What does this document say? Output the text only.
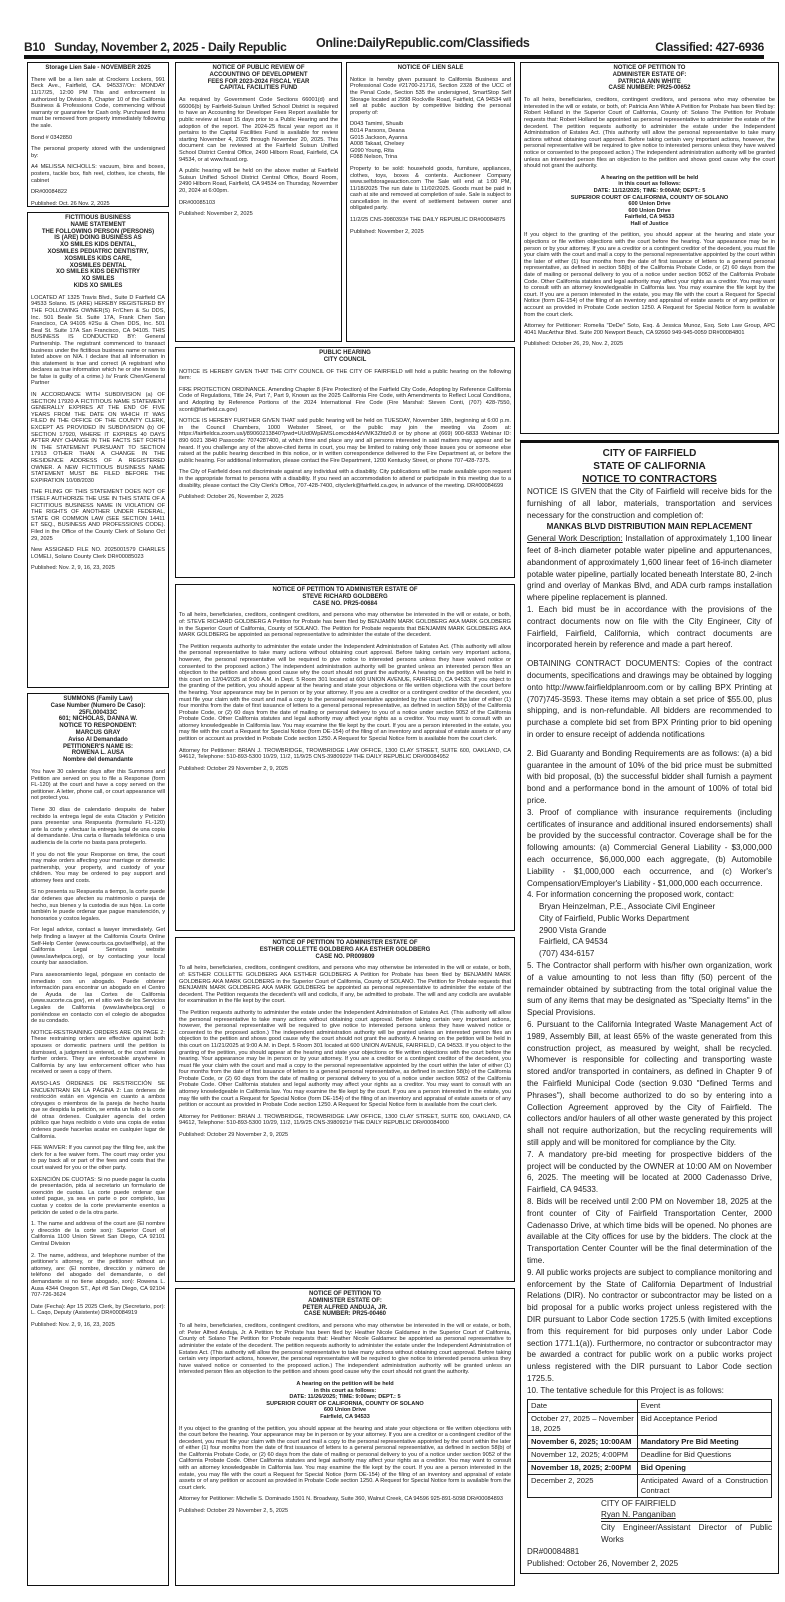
B10 Sunday, November 2, 2025 - Daily Republic Online:DailyRepublic.com/Classifieds	Classified: 427-6936
Storage Lien Sale - NOVEMBER 2025

There will be a lien sale at Crockers Lockers, 991 Beck Ave., Fairfield, CA. 945337/On: MONDAY 11/17/25, 12:00 PM This and enforcement is authorized by Division 8, Chapter 10 of the California Business & Professions Code, commencing without warranty or guarantee for Cash only. Purchased items must be removed from property immediately following the sale.

Bond # 0342850

The personal property stored with the undersigned by:

A4 MELISSA NICHOLLS: vacuum, bins and boxes, posters, tackle box, fish reel, clothes, ice chests, file cabinet

DR#00084822

Published: Oct. 26 Nov. 2, 2025

FICTITIOUS BUSINESS
NAME STATEMENT
THE FOLLOWING PERSON (PERSONS)
IS (ARE) DOING BUSINESS AS
XO SMILES KIDS DENTAL,
XOSMILES PEDIATRIC DENTISTRY,
XOSMILES KIDS CARE,
XOSMILES DENTAL
XO SMILES KIDS DENTISTRY
XO SMILES
KIDS XO SMILES

LOCATED AT 1325 Travis Blvd., Suite D Fairfield CA 94533 Solano. IS (ARE) HEREBY REGISTERED BY THE FOLLOWING OWNER(S) Fr/Chen & Su DDS, Inc. 501 Beale St. Suite 17A, Frank Chen San Francisco, CA 94105 #2Su & Chen DDS, Inc. 501 Beal St. Suite 17A San Francisco, CA 94105. THIS BUSINESS IS CONDUCTED BY: General Partnership. The registrant commenced to transact business under the fictitious business name or names listed above on N/A. I declare that all information in this statement is true and correct (A registrant who declares as true information which he or she knows to be false is guilty of a crime.) /s/ Frank Chen/General Partner

IN ACCORDANCE WITH SUBDIVISION (a) OF SECTION 17920 A FICTITIOUS NAME STATEMENT GENERALLY EXPIRES AT THE END OF FIVE YEARS FROM THE DATE ON WHICH IT WAS FILED IN THE OFFICE OF THE COUNTY CLERK, EXCEPT AS PROVIDED IN SUBDIVISION (b) OF SECTION 17920, WHERE IT EXPIRES 40 DAYS AFTER ANY CHANGE IN THE FACTS SET FORTH IN THE STATEMENT PURSUANT TO SECTION 17913 OTHER THAN A CHANGE IN THE RESIDENCE ADDRESS OF A REGISTERED OWNER. A NEW FICTITIOUS BUSINESS NAME STATEMENT MUST BE FILED BEFORE THE EXPIRATION 10/08/2030

THE FILING OF THIS STATEMENT DOES NOT OF ITSELF AUTHORIZE THE USE IN THIS STATE OF A FICTITIOUS BUSINESS NAME IN VIOLATION OF THE RIGHTS OF ANOTHER UNDER FEDERAL, STATE OR COMMON LAW (SEE SECTION 14411 ET SEQ., BUSINESS AND PROFESSIONS CODE). Filed in the Office of the County Clerk of Solano Oct 29, 2025

New ASSIGNED FILE NO. 2025001579 CHARLES LOMELI, Solano County Clerk DR#00085023

Published: Nov. 2, 9, 16, 23, 2025

SUMMONS (Family Law)
Case Number (Numero De Caso):
25FL000433C
601; NICHOLAS, DANNA W.
NOTICE TO RESPONDENT:
MARCUS GRAY
Aviso Al Demandado
PETITIONER'S NAME IS:
ROWENA L. AUSA
Nombre del demandante

You have 30 calendar days after this Summons and Petition are served on you to file a Response (form FL-120) at the court and have a copy served on the petitioner. A letter, phone call, or court appearance will not protect you.

Tiene 30 días de calendario después de haber recibido la entrega legal de esta Citación y Petición para presentar una Respuesta (formulario FL-120) ante la corte y efectuar la entrega legal de una copia al demandante. Una carta o llamada telefónica o una audiencia de la corte no basta para protegerlo.

If you do not file your Response on time, the court may make orders affecting your marriage or domestic partnership, your property, and custody of your children. You may be ordered to pay support and attorney fees and costs.

Si no presenta su Respuesta a tiempo, la corte puede dar órdenes que afecten su matrimonio o pareja de hecho, sus bienes y la custodia de sus hijos. La corte también le puede ordenar que pague manutención, y honorarios y costos legales.

For legal advice, contact a lawyer immediately. Get help finding a lawyer at the California Courts Online Self-Help Center (www.courts.ca.gov/selfhelp), at the California Legal Services website (www.lawhelpca.org), or by contacting your local county bar association.

Para asesoramiento legal, póngase en contacto de inmediato con un abogado. Puede obtener información para encontrar un abogado en el Centro de Ayuda de las Cortes de California (www.sucorte.ca.gov), en el sitio web de los Servicios Legales de California (www.lawhelpca.org) o poniéndose en contacto con el colegio de abogados de su condado.

NOTICE-RESTRAINING ORDERS ARE ON PAGE 2: These restraining orders are effective against both spouses or domestic partners until the petition is dismissed, a judgment is entered, or the court makes further orders. They are enforceable anywhere in California by any law enforcement officer who has received or seen a copy of them.

AVISO-LAS ÓRDENES DE RESTRICCIÓN SE ENCUENTRAN EN LA PÁGINA 2: Las órdenes de restricción están en vigencia en cuanto a ambos cónyuges o miembros de la pareja de hecho hasta que se despida la petición, se emita un fallo o la corte dé otras órdenes. Cualquier agencia del orden público que haya recibido o visto una copia de estas órdenes puede hacerlas acatar en cualquier lugar de California.

FEE WAIVER: If you cannot pay the filing fee, ask the clerk for a fee waiver form. The court may order you to pay back all or part of the fees and costs that the court waived for you or the other party.

EXENCIÓN DE CUOTAS: Si no puede pagar la cuota de presentación, pida al secretario un formulario de exención de cuotas. La corte puede ordenar que usted pague, ya sea en parte o por completo, las cuotas y costos de la corte previamente exentos a petición de usted o de la otra parte.

1. The name and address of the court are (El nombre y dirección de la corte son): Superior Court of California 1100 Union Street San Diego, CA 92101 Central Division

2. The name, address, and telephone number of the petitioner's attorney, or the petitioner without an attorney, are: (El nombre, dirección y número de teléfono del abogado del demandante, o del demandante si no tiene abogado, son): Rowena L. Ausa 4344 Oregon ST., Apt #8 San Diego, CA 92104 707-726-3624

Date (Fecha): Apr 15 2025 Clerk, by (Secretario, por): L. Caqo, Deputy (Asistente) DR#00084919

Published: Nov. 2, 9, 16, 23, 2025

NOTICE OF PUBLIC REVIEW OF
ACCOUNTING OF DEVELOPMENT
FEES FOR 2023-2024 FISCAL YEAR
CAPITAL FACILITIES FUND

As required by Government Code Sections 66001(d) and 66006(b) by Fairfield-Suisun Unified School District is required to have an Accounting for Developer Fees Report available for public review at least 15 days prior to a Public Hearing and the adoption of the report. The 2024-25 fiscal year report as it pertains to the Capital Facilities Fund is available for review starting November 4, 2025 through November 20, 2025. This document can be reviewed at the Fairfield Suisun Unified School District Central Office, 2490 Hilborn Road, Fairfield, CA 94534, or at www.fsusd.org.

A public hearing will be held on the above matter at Fairfield Suisun Unified School District Central Office, Board Room, 2490 Hilborn Road, Fairfield, CA 94534 on Thursday, November 20, 2024 at 6:00pm.

DR#00085103

Published: November 2, 2025

NOTICE OF LIEN SALE

Notice is hereby given pursuant to California Business and Professional Code #21700-21716, Section 2328 of the UCC of the Penal Code, Section 535 the undersigned, SmartStop Self Storage located at 2998 Rockville Road, Fairfield, CA 94534 will sell at public auction by competitive bidding the personal property of:

D043 Tamimi, Shuaib
B014 Parsons, Deana
G015 Jackson, Ayanna
A008 Takaat, Chelsey
G090 Young, Rita
F088 Nelson, Trina

Property to be sold: household goods, furniture, appliances, clothes, toys, boxes & contents. Auctioneer Company www.selfstorageauction.com The Sale will end at 1:00 PM, 11/18/2025 The run date is 11/02/2025. Goods must be paid in cash at site and removed at completion of sale. Sale is subject to cancellation in the event of settlement between owner and obligated party.

11/2/25 CNS-3980393# THE DAILY REPUBLIC DR#00084875

Published: November 2, 2025

PUBLIC HEARING
CITY COUNCIL

NOTICE IS HEREBY GIVEN THAT THE CITY COUNCIL OF THE CITY OF FAIRFIELD will hold a public hearing on the following item:

FIRE PROTECTION ORDINANCE. Amending Chapter 8 (Fire Protection) of the Fairfield City Code, Adopting by Reference California Code of Regulations, Title 24, Part 7, Part 9, Known as the 2025 California Fire Code, with Amendments to Reflect Local Conditions, and Adopting by Reference Portions of the 2024 International Fire Code (Fire Marshal: Steven Conti, (707) 428-7550, sconti@fairfield.ca.gov)

NOTICE IS HEREBY FURTHER GIVEN THAT said public hearing will be held on TUESDAY, November 18th, beginning at 6:00 p.m. in the Council Chambers, 1000 Webster Street, or the public may join the meeting via Zoom at: https://fairfieldca.zoom.us/j/89060213840?pwd=UUd0WpEMSLomcxbld4zVMK3Zfdz0.8 or by phone at (669) 900-6833 Webinar ID: 890 6021 3840 Passcode: 7074287400, at which time and place any and all persons interested in said matters may appear and be heard. If you challenge any of the above-cited items in court, you may be limited to raising only those issues you or someone else raised at the public hearing described in this notice, or in written correspondence delivered to the Fire Department at, or before the public hearing. For additional information, please contact the Fire Department, 1200 Kentucky Street, or phone 707-428-7375.

The City of Fairfield does not discriminate against any individual with a disability. City publications will be made available upon request in the appropriate format to persons with a disability. If you need an accommodation to attend or participate in this meeting due to a disability, please contact the City Clerk's Office, 707-428-7400, cityclerk@fairfield.ca.gov, in advance of the meeting. DR#00084699

Published: October 26, November 2, 2025

NOTICE OF PETITION TO ADMINISTER ESTATE OF
STEVE RICHARD GOLDBERG
CASE NO. PR25-00684

To all heirs, beneficiaries, creditors, contingent creditors, and persons who may otherwise be interested in the will or estate, or both, of: STEVE RICHARD GOLDBERG A Petition for Probate has been filed by BENJAMIN MARK GOLDBERG AKA MARK GOLDBERG in the Superior Court of California, County of SOLANO. The Petition for Probate requests that BENJAMIN MARK GOLDBERG AKA MARK GOLDBERG be appointed as personal representative to administer the estate of the decedent.

The Petition requests authority to administer the estate under the Independent Administration of Estates Act. (This authority will allow the personal representative to take many actions without obtaining court approval. Before taking certain very important actions, however, the personal representative will be required to give notice to interested persons unless they have waived notice or consented to the proposed action.) The independent administration authority will be granted unless an interested person files an objection to the petition and shows good cause why the court should not grant the authority. A hearing on the petition will be held in this court on 12/04/2025 at 9:00 A.M. in Dept. 5 Room 301 located at 600 UNION AVENUE, FAIRFIELD, CA 94533. If you object to the granting of the petition, you should appear at the hearing and state your objections or file written objections with the court before the hearing. Your appearance may be in person or by your attorney. If you are a creditor or a contingent creditor of the decedent, you must file your claim with the court and mail a copy to the personal representative appointed by the court within the later of either (1) four months from the date of first issuance of letters to a general personal representative, as defined in section 58(b) of the California Probate Code, or (2) 60 days from the date of mailing or personal delivery to you of a notice under section 9052 of the California Probate Code. Other California statutes and legal authority may affect your rights as a creditor. You may want to consult with an attorney knowledgeable in California law. You may examine the file kept by the court. If you are a person interested in the estate, you may file with the court a Request for Special Notice (form DE-154) of the filing of an inventory and appraisal of estate assets or of any petition or account as provided in Probate Code section 1250. A Request for Special Notice form is available from the court clerk.

Attorney for Petitioner: BRIAN J. TROWBRIDGE, TROWBRIDGE LAW OFFICE, 1300 CLAY STREET, SUITE 600, OAKLAND, CA 94612, Telephone: 510-893-5300 10/29, 11/2, 11/9/25 CNS-3980922# THE DAILY REPUBLIC DR#00084952

Published: October 29 November 2, 9, 2025

NOTICE OF PETITION TO ADMINISTER ESTATE OF
ESTHER COLLETTE GOLDBERG AKA ESTHER GOLDBERG
CASE NO. PR009809

To all heirs, beneficiaries, creditors, contingent creditors, and persons who may otherwise be interested in the will or estate, or both, of: ESTHER COLLETTE GOLDBERG AKA ESTHER GOLDBERG A Petition for Probate has been filed by BENJAMIN MARK GOLDBERG AKA MARK GOLDBERG in the Superior Court of California, County of SOLANO. The Petition for Probate requests that BENJAMIN MARK GOLDBERG AKA MARK GOLDBERG be appointed as personal representative to administer the estate of the decedent. The Petition requests the decedent's will and codicils, if any, be admitted to probate. The will and any codicils are available for examination in the file kept by the court.

The Petition requests authority to administer the estate under the Independent Administration of Estates Act. (This authority will allow the personal representative to take many actions without obtaining court approval. Before taking certain very important actions, however, the personal representative will be required to give notice to interested persons unless they have waived notice or consented to the proposed action.) The independent administration authority will be granted unless an interested person files an objection to the petition and shows good cause why the court should not grant the authority. A hearing on the petition will be held in this court on 11/21/2025 at 9:00 A.M. in Dept. 5 Room 301 located at 600 UNION AVENUE, FAIRFIELD, CA 94533. If you object to the granting of the petition, you should appear at the hearing and state your objections or file written objections with the court before the hearing. Your appearance may be in person or by your attorney. If you are a creditor or a contingent creditor of the decedent, you must file your claim with the court and mail a copy to the personal representative appointed by the court within the later of either (1) four months from the date of first issuance of letters to a general personal representative, as defined in section 58(b) of the California Probate Code, or (2) 60 days from the date of mailing or personal delivery to you of a notice under section 9052 of the California Probate Code. Other California statutes and legal authority may affect your rights as a creditor. You may want to consult with an attorney knowledgeable in California law. You may examine the file kept by the court. If you are a person interested in the estate, you may file with the court a Request for Special Notice (form DE-154) of the filing of an inventory and appraisal of estate assets or of any petition or account as provided in Probate Code section 1250. A Request for Special Notice form is available from the court clerk.

Attorney for Petitioner: BRIAN J. TROWBRIDGE, TROWBRIDGE LAW OFFICE, 1300 CLAY STREET, SUITE 600, OAKLAND, CA 94612, Telephone: 510-893-5300 10/29, 11/2, 11/9/25 CNS-3980921# THE DAILY REPUBLIC DR#00084900

Published: October 29 November 2, 9, 2025

NOTICE OF PETITION TO
ADMINISTER ESTATE OF:
PETER ALFRED ANDUJA, JR.
CASE NUMBER: PR25-00460

To all heirs, beneficiaries, creditors, contingent creditors, and persons who may otherwise be interested in the will or estate, or both, of: Peter Alfred Anduja, Jr. A Petition for Probate has been filed by: Heather Nicole Galdamez in the Superior Court of California, County of: Solano The Petition for Probate requests that: Heather Nicole Galdamez be appointed as personal representative to administer the estate of the decedent. The petition requests authority to administer the estate under the Independent Administration of Estates Act. (This authority will allow the personal representative to take many actions without obtaining court approval. Before taking certain very important actions, however, the personal representative will be required to give notice to interested persons unless they have waived notice or consented to the proposed action.) The independent administration authority will be granted unless an interested person files an objection to the petition and shows good cause why the court should not grant the authority.

A hearing on the petition will be held
in this court as follows:
DATE: 11/26/2025; TIME: 9:00am; DEPT.: 5
SUPERIOR COURT OF CALIFORNIA, COUNTY OF SOLANO
600 Union Drive
Fairfield, CA 94533

If you object to the granting of the petition, you should appear at the hearing and state your objections or file written objections with the court before the hearing. Your appearance may be in person or by your attorney. If you are a creditor or a contingent creditor of the decedent, you must file your claim with the court and mail a copy to the personal representative appointed by the court within the later of either (1) four months from the date of first issuance of letters to a general personal representative, as defined in section 58(b) of the California Probate Code, or (2) 60 days from the date of mailing or personal delivery to you of a notice under section 9052 of the California Probate Code. Other California statutes and legal authority may affect your rights as a creditor. You may want to consult with an attorney knowledgeable in California law. You may examine the file kept by the court. If you are a person interested in the estate, you may file with the court a Request for Special Notice (form DE-154) of the filing of an inventory and appraisal of estate assets or of any petition or account as provided in Probate Code section 1250. A Request for Special Notice form is available from the court clerk.

Attorney for Petitioner: Michelle S. Dominado 1501 N. Broadway, Suite 360, Walnut Creek, CA 94596 925-891-5098 DR#00084893

Published: October 29 November 2, 5, 2025

NOTICE OF PETITION TO
ADMINISTER ESTATE OF:
PATRICIA ANN WHITE
CASE NUMBER: PR25-00652

To all heirs, beneficiaries, creditors, contingent creditors, and persons who may otherwise be interested in the will or estate, or both, of: Patricia Ann White A Petition for Probate has been filed by: Robert Holland in the Superior Court of California, County of: Solano The Petition for Probate requests that: Robert Holland be appointed as personal representative to administer the estate of the decedent. The petition requests authority to administer the estate under the Independent Administration of Estates Act. (This authority will allow the personal representative to take many actions without obtaining court approval. Before taking certain very important actions, however, the personal representative will be required to give notice to interested persons unless they have waived notice or consented to the proposed action.) The independent administration authority will be granted unless an interested person files an objection to the petition and shows good cause why the court should not grant the authority.

A hearing on the petition will be held
in this court as follows:
DATE: 11/12/2025; TIME: 9:00AM; DEPT.: 5
SUPERIOR COURT OF CALIFORNIA, COUNTY OF SOLANO
600 Union Drive
600 Union Drive
Fairfield, CA 94533
Hall of Justice

If you object to the granting of the petition, you should appear at the hearing and state your objections or file written objections with the court before the hearing. Your appearance may be in person or by your attorney. If you are a creditor or a contingent creditor of the decedent, you must file your claim with the court and mail a copy to the personal representative appointed by the court within the later of either (1) four months from the date of first issuance of letters to a general personal representative, as defined in section 58(b) of the California Probate Code, or (2) 60 days from the date of mailing or personal delivery to you of a notice under section 9052 of the California Probate Code. Other California statutes and legal authority may affect your rights as a creditor. You may want to consult with an attorney knowledgeable in California law. You may examine the file kept by the court. If you are a person interested in the estate, you may file with the court a Request for Special Notice (form DE-154) of the filing of an inventory and appraisal of estate assets or of any petition or account as provided in Probate Code section 1250. A Request for Special Notice form is available from the court clerk.

Attorney for Petitioner: Romelia "DeDe" Soto, Esq. & Jessica Munoz, Esq. Soto Law Group, APC 4041 MacArthur Blvd. Suite 200 Newport Beach, CA 92660 949-945-0059 DR#00084801

Published: October 26, 29, Nov. 2, 2025

CITY OF FAIRFIELD
STATE OF CALIFORNIA
NOTICE TO CONTRACTORS

NOTICE IS GIVEN that the City of Fairfield will receive bids for the furnishing of all labor, materials, transportation and services necessary for the construction and completion of:

MANKAS BLVD DISTRIBUTION MAIN REPLACEMENT

General Work Description: Installation of approximately 1,100 linear feet of 8-inch diameter potable water pipeline and appurtenances, abandonment of approximately 1,600 linear feet of 16-inch diameter potable water pipeline, partially located beneath Interstate 80, 2-inch grind and overlay of Mankas Blvd, and ADA curb ramps installation where pipeline replacement is planned.

1. Each bid must be in accordance with the provisions of the contract documents now on file with the City Engineer, City of Fairfield, Fairfield, California, which contract documents are incorporated herein by reference and made a part hereof.

OBTAINING CONTRACT DOCUMENTS: Copies of the contract documents, specifications and drawings may be obtained by logging onto http://www.fairfieldplanroom.com or by calling BPX Printing at (707)745-3593. These items may obtain a set price of $55.00, plus shipping, and is non-refundable. All bidders are recommended to purchase a complete bid set from BPX Printing prior to bid opening in order to ensure receipt of addenda notifications

2. Bid Guaranty and Bonding Requirements are as follows: (a) a bid guarantee in the amount of 10% of the bid price must be submitted with bid proposal, (b) the successful bidder shall furnish a payment bond and a performance bond in the amount of 100% of total bid price.

3. Proof of compliance with insurance requirements (including certificates of insurance and additional insured endorsements) shall be provided by the successful contractor. Coverage shall be for the following amounts: (a) Commercial General Liability - $3,000,000 each occurrence, $6,000,000 each aggregate, (b) Automobile Liability - $1,000,000 each occurrence, and (c) Worker's Compensation/Employer's Liability - $1,000,000 each occurrence.

4. For information concerning the proposed work, contact:

Bryan Heinzelman, P.E., Associate Civil Engineer
City of Fairfield, Public Works Department
2900 Vista Grande
Fairfield, CA 94534
(707) 434-6157

5. The Contractor shall perform with his/her own organization, work of a value amounting to not less than fifty (50) percent of the remainder obtained by subtracting from the total original value the sum of any items that may be designated as "Specialty Items" in the Special Provisions.

6. Pursuant to the California Integrated Waste Management Act of 1989, Assembly Bill, at least 65% of the waste generated from this construction project, as measured by weight, shall be recycled. Whomever is responsible for collecting and transporting waste stored and/or transported in containers, as defined in Chapter 9 of the Fairfield Municipal Code (section 9.030 "Defined Terms and Phrases"), shall become authorized to do so by entering into a Collection Agreement approved by the City of Fairfield. The collectors and/or haulers of all other waste generated by this project shall not require authorization, but the recycling requirements will still apply and will be monitored for compliance by the City.

7. A mandatory pre-bid meeting for prospective bidders of the project will be conducted by the OWNER at 10:00 AM on November 6, 2025. The meeting will be located at 2000 Cadenasso Drive, Fairfield, CA 94533.

8. Bids will be received until 2:00 PM on November 18, 2025 at the front counter of City of Fairfield Transportation Center, 2000 Cadenasso Drive, at which time bids will be opened. No phones are available at the City offices for use by the bidders. The clock at the Transportation Center Counter will be the final determination of the time.

9. All public works projects are subject to compliance monitoring and enforcement by the State of California Department of Industrial Relations (DIR). No contractor or subcontractor may be listed on a bid proposal for a public works project unless registered with the DIR pursuant to Labor Code section 1725.5 (with limited exceptions from this requirement for bid purposes only under Labor Code section 1771.1(a)). Furthermore, no contractor or subcontractor may be awarded a contract for public work on a public works project unless registered with the DIR pursuant to Labor Code section 1725.5.

10. The tentative schedule for this Project is as follows:

Date	Event
October 27, 2025 – November 18, 2025	Bid Acceptance Period
November 6, 2025; 10:00AM	Mandatory Pre Bid Meeting
November 12, 2025; 4:00PM	Deadline for Bid Questions
November 18, 2025; 2:00PM	Bid Opening
December 2, 2025	Anticipated Award of a Construction Contract
CITY OF FAIRFIELD
Ryan N. Panganiban
City Engineer/Assistant Director of Public Works
DR#00084881
Published: October 26, November 2, 2025
